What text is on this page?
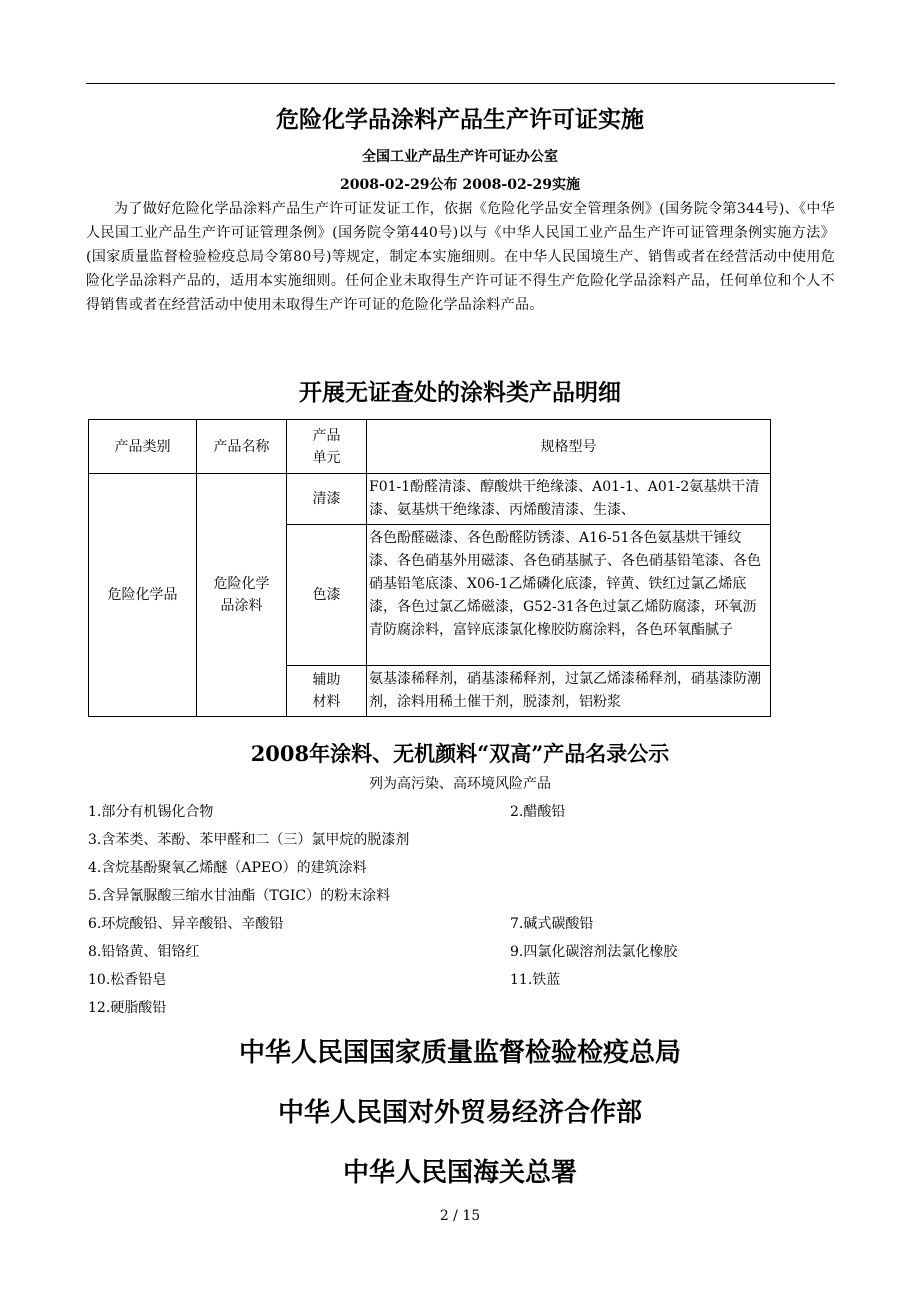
危险化学品涂料产品生产许可证实施
全国工业产品生产许可证办公室
2008-02-29公布 2008-02-29实施

为了做好危险化学品涂料产品生产许可证发证工作，依据《危险化学品安全管理条例》(国务院令第344号)、《中华人民国工业产品生产许可证管理条例》(国务院令第440号)以与《中华人民国工业产品生产许可证管理条例实施方法》(国家质量监督检验检疫总局令第80号)等规定，制定本实施细则。在中华人民国境生产、销售或者在经营活动中使用危险化学品涂料产品的，适用本实施细则。任何企业未取得生产许可证不得生产危险化学品涂料产品，任何单位和个人不得销售或者在经营活动中使用未取得生产许可证的危险化学品涂料产品。

开展无证查处的涂料类产品明细
产品类别	产品名称	产品单元	规格型号
危险化学品	危险化学品涂料	清漆	F01-1酚醛清漆、醇酸烘干绝缘漆、A01-1、A01-2氨基烘干清漆、氨基烘干绝缘漆、丙烯酸清漆、生漆、
		色漆	各色酚醛磁漆、各色酚醛防锈漆、A16-51各色氨基烘干锤纹漆、各色硝基外用磁漆、各色硝基腻子、各色硝基铅笔漆、各色硝基铅笔底漆、X06-1乙烯磷化底漆，锌黄、铁红过氯乙烯底漆，各色过氯乙烯磁漆，G52-31各色过氯乙烯防腐漆，环氧沥青防腐涂料，富锌底漆氯化橡胶防腐涂料，各色环氧酯腻子

		辅助材料	氨基漆稀释剂，硝基漆稀释剂，过氯乙烯漆稀释剂，硝基漆防潮剂，涂料用稀土催干剂，脱漆剂，铝粉浆
2008年涂料、无机颜料“双高”产品名录公示
列为高污染、高环境风险产品
1.部分有机锡化合物	2.醋酸铅
3.含苯类、苯酚、苯甲醛和二（三）氯甲烷的脱漆剂
4.含烷基酚聚氧乙烯醚（APEO）的建筑涂料
5.含异氰脲酸三缩水甘油酯（TGIC）的粉末涂料
6.环烷酸铅、异辛酸铅、辛酸铅	7.碱式碳酸铅
8.铅铬黄、钼铬红	9.四氯化碳溶剂法氯化橡胶
10.松香铅皂	11.铁蓝
12.硬脂酸铅
中华人民国国家质量监督检验检疫总局
中华人民国对外贸易经济合作部
中华人民国海关总署
2 / 15
